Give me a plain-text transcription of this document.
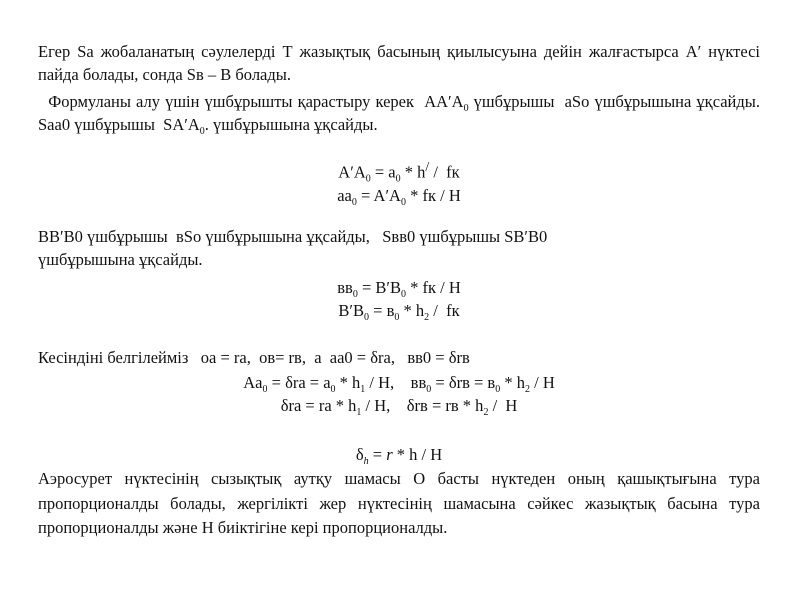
Егер Sa жобаланатың сәулелерді Т жазықтық басының қиылысуына дейін жалғастырса A′ нүктесі пайда болады, сонда Sв – B болады.
Формуланы алу үшін үшбұрышты қарастыру керек  $AA'A_0$ үшбұрышы  aSo үшбұрышына ұқсайды.  Saa0 үшбұрышы  $SA'A_0$. үшбұрышына ұқсайды.
$A'A_0 = a_0 * h^/$ /  fк
$aa_0 = A'A_0$ * fк / H
BB′B0 үшбұрышы  вSo үшбұрышына ұқсайды,   Sвв0 үшбұрышы SB′B0
үшбұрышына ұқсайды.
$вв_0 = B'B_0$ * fк / H
$B'B_0 = в_0 * h_2$ /  fк
Кесіндіні белгілейміз   оа = rа,  ов= rв,  а  аа0 = δrа,   вв0 = δrв
$Aa_0 = \delta rа = a_0 * h_1 / H$,    $вв_0 = \delta rв = в_0 * h_2 / H$
δrа = rа * $h_1$ / H,    δrв = rв * $h_2$ /  H
$\delta_h = r * h / H$
Аэросурет нүктесінің сызықтық аутқу шамасы О басты нүктеден оның қашықтығына тура пропорционалды болады, жергілікті жер нүктесінің шамасына сәйкес жазықтық басына тура пропорционалды және Н биіктігіне кері пропорционалды.
